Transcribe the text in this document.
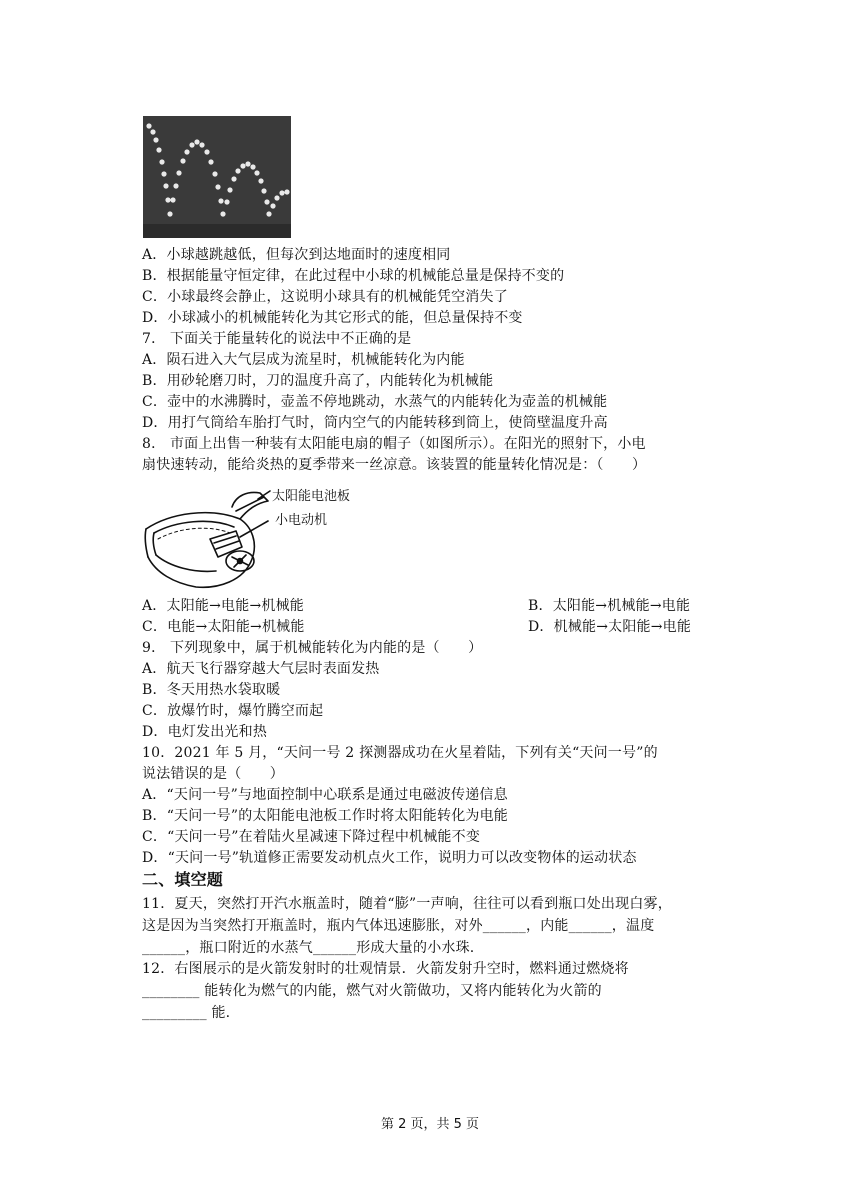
A．小球越跳越低，但每次到达地面时的速度相同
B．根据能量守恒定律，在此过程中小球的机械能总量是保持不变的
C．小球最终会静止，这说明小球具有的机械能凭空消失了
D．小球减小的机械能转化为其它形式的能，但总量保持不变
7． 下面关于能量转化的说法中不正确的是
A．陨石进入大气层成为流星时，机械能转化为内能
B．用砂轮磨刀时，刀的温度升高了，内能转化为机械能
C．壶中的水沸腾时，壶盖不停地跳动，水蒸气的内能转化为壶盖的机械能
D．用打气筒给车胎打气时，筒内空气的内能转移到筒上，使筒壁温度升高
8． 市面上出售一种装有太阳能电扇的帽子（如图所示）。在阳光的照射下，小电
扇快速转动，能给炎热的夏季带来一丝凉意。该装置的能量转化情况是：（　　）
太阳能电池板
小电动机
A．太阳能→电能→机械能	B．太阳能→机械能→电能
C．电能→太阳能→机械能	D．机械能→太阳能→电能
9． 下列现象中，属于机械能转化为内能的是（　　）
A．航天飞行器穿越大气层时表面发热
B．冬天用热水袋取暖
C．放爆竹时，爆竹腾空而起
D．电灯发出光和热
10．2021 年 5 月，“天问一号 2 探测器成功在火星着陆，下列有关“天问一号”的
说法错误的是（　　）
A．“天问一号”与地面控制中心联系是通过电磁波传递信息
B．“天问一号”的太阳能电池板工作时将太阳能转化为电能
C．“天问一号”在着陆火星减速下降过程中机械能不变
D．“天问一号”轨道修正需要发动机点火工作，说明力可以改变物体的运动状态
二、填空题
11．夏天，突然打开汽水瓶盖时，随着“膨”一声响，往往可以看到瓶口处出现白雾，
这是因为当突然打开瓶盖时，瓶内气体迅速膨胀，对外______，内能______，温度
______，瓶口附近的水蒸气______形成大量的小水珠.
12．右图展示的是火箭发射时的壮观情景．火箭发射升空时，燃料通过燃烧将
________ 能转化为燃气的内能，燃气对火箭做功，又将内能转化为火箭的
_________ 能.
第 2 页，共 5 页
